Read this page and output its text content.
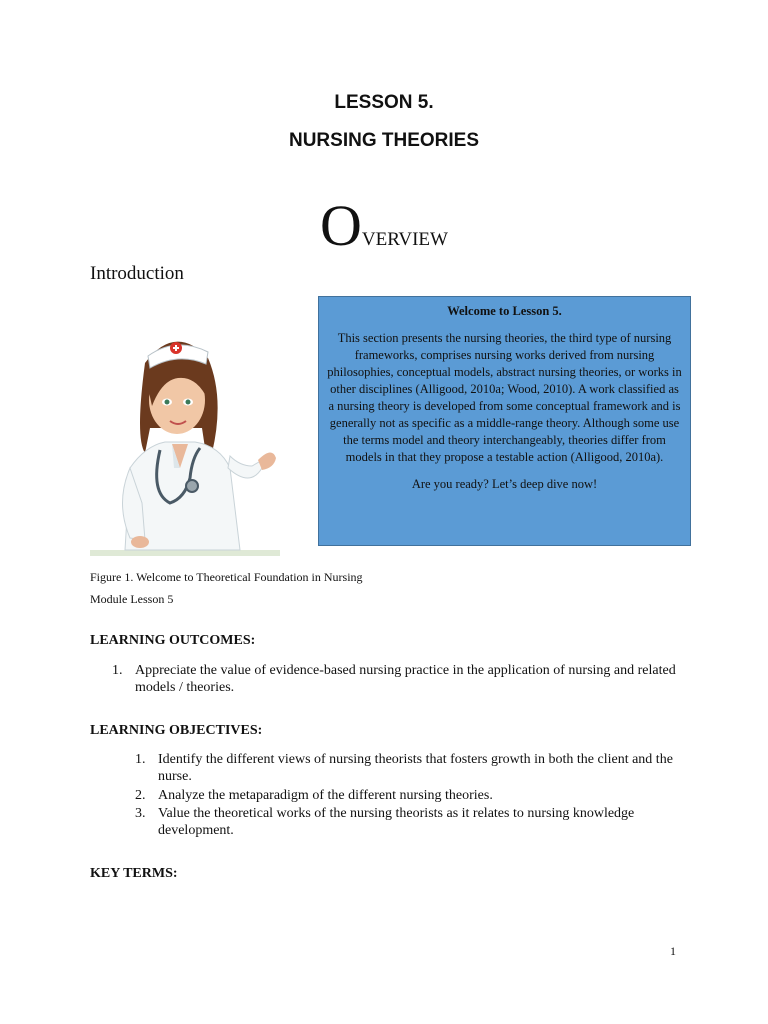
LESSON 5.
NURSING THEORIES
OVERVIEW
Introduction
Figure 1. Welcome to Theoretical Foundation in Nursing
Module Lesson 5
Welcome to Lesson 5.
This section presents the nursing theories, the third type of nursing frameworks, comprises nursing works derived from nursing philosophies, conceptual models, abstract nursing theories, or works in other disciplines (Alligood, 2010a; Wood, 2010). A work classified as a nursing theory is developed from some conceptual framework and is generally not as specific as a middle-range theory. Although some use the terms model and theory interchangeably, theories differ from models in that they propose a testable action (Alligood, 2010a).
Are you ready? Let’s deep dive now!
LEARNING OUTCOMES:
1. Appreciate the value of evidence-based nursing practice in the application of nursing and related models / theories.
LEARNING OBJECTIVES:
1. Identify the different views of nursing theorists that fosters growth in both the client and the nurse.
2. Analyze the metaparadigm of the different nursing theories.
3. Value the theoretical works of the nursing theorists as it relates to nursing knowledge development.
KEY TERMS:
1
